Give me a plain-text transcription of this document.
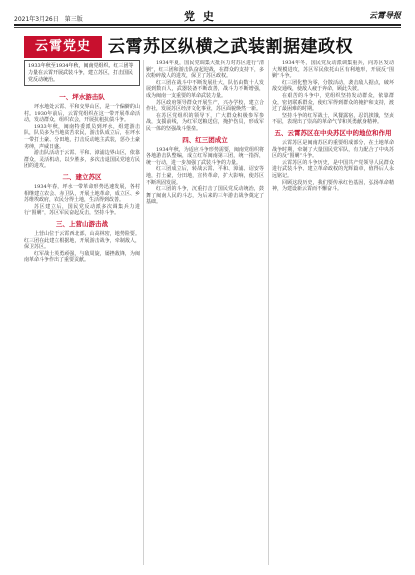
2021年3月26日　第三版	党 史	云霄导报
云霄党史	云霄苏区纵横之武装割据建政权

1933年秋至1934年秋，闽南党组织、红三团等力量在云霄开展武装斗争，建立苏区，打击国民党反动统治。

一、坪水游击队

坪水地处云霄、平和交界山区，是一个偏僻的山村。1930年前后，云霄党组织在这一带开展革命活动，发动群众，组织农会，开展抗租抗债斗争。

1933年秋，闽南特委派员到坪水，组建游击队，队员多为当地贫苦农民，游击队成立后，在坪水一带打土豪、分田地，打击反动地主武装，惩办土豪劣绅，声威日盛。

游击队活动于云霄、平和、漳浦边界山区，依靠群众，灵活机动，以少胜多，多次击退国民党地方民团的进攻。

二、建立苏区

1934年春，坪水一带革命形势迅速发展，各村相继建立农会、赤卫队，开展土地革命，成立区、乡苏维埃政府，农民分得土地，生活得到改善。

苏区建立后，国民党反动派多次调集兵力进行“围剿”，苏区军民奋起反击，坚持斗争。

三、上营山游击战

上营山位于云霄西北部，山高林密，地势险要。红三团在此建立根据地，开展游击战争，牵制敌人，保卫苏区。

红军战士英勇顽强，与敌周旋，屡挫敌锋，为闽南革命斗争作出了重要贡献。

1934年夏，国民党调集大批兵力对苏区进行“清剿”，红三团和游击队奋起迎战，在群众的支持下，多次粉碎敌人的进攻，保卫了苏区政权。

红三团在战斗中不断发展壮大，队伍由数十人发展到数百人，武器装备不断改善，战斗力不断增强，成为闽南一支重要的革命武装力量。

苏区政府领导群众开展生产，兴办学校，建立合作社，发展苏区经济文化事业，苏区面貌焕然一新。

在苏区党组织的领导下，广大群众积极参军参战，支援前线，为红军送粮送信，掩护伤员，形成军民一体的坚强战斗堡垒。

四、红三团成立

1934年秋，为适应斗争形势需要，闽南党组织将各地游击队整编，成立红军闽南第三团，统一指挥，统一行动，进一步加强了武装斗争的力量。

红三团成立后，转战云霄、平和、漳浦、诏安等地，打土豪，分田地，宣传革命，扩大影响，使苏区不断巩固发展。

红三团的斗争，沉重打击了国民党反动统治，鼓舞了闽南人民的斗志，为后来的三年游击战争奠定了基础。

1934年冬，国民党反动派调集重兵，向苏区发动大规模进攻，苏区军民依托山区有利地形，开展反“围剿”斗争。

红三团化整为零，分散活动，袭击敌人据点，破坏敌交通线，使敌人疲于奔命，顾此失彼。

在艰苦的斗争中，党组织坚持发动群众，依靠群众，密切联系群众，使红军得到群众的掩护和支持，渡过了最困难的时期。

坚持斗争的红军战士，风餐露宿，忍饥挨饿，坚贞不屈，表现出了崇高的革命气节和英勇献身精神。

五、云霄苏区在中央苏区中的地位和作用

云霄苏区是闽南苏区的重要组成部分，在土地革命战争时期，牵制了大量国民党军队，有力配合了中央苏区的反“围剿”斗争。

云霄苏区的斗争历史，是中国共产党领导人民群众进行武装斗争、建立革命政权的光辉篇章，值得后人永远铭记。

回顾这段历史，我们要传承红色基因，弘扬革命精神，为建设新云霄而不懈奋斗。
